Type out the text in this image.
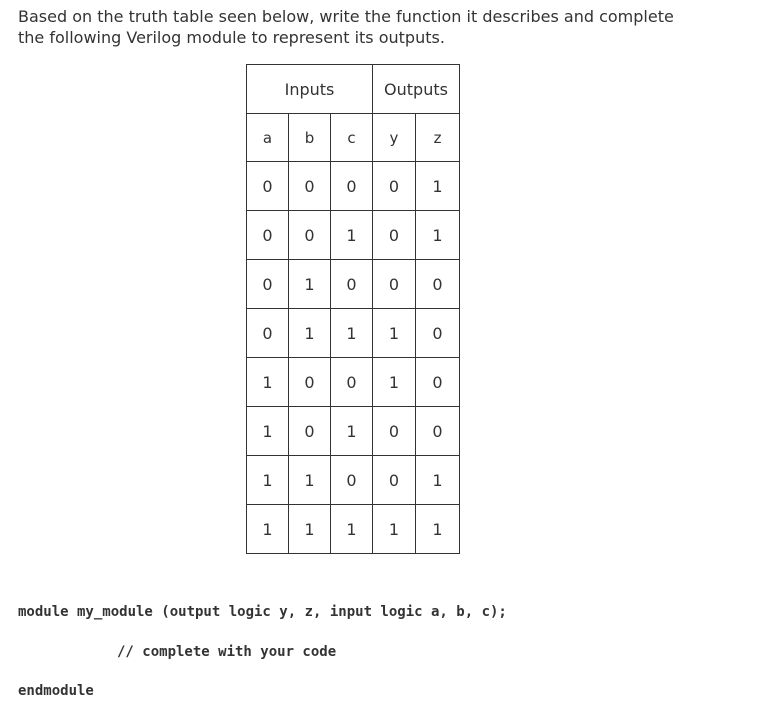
Based on the truth table seen below, write the function it describes and complete
the following Verilog module to represent its outputs.

Inputs			Outputs	
a	b	c	y	z
0	0	0	0	1
0	0	1	0	1
0	1	0	0	0
0	1	1	1	0
1	0	0	1	0
1	0	1	0	0
1	1	0	0	1
1	1	1	1	1
module my_module (output logic y, z, input logic a, b, c);
// complete with your code
endmodule
